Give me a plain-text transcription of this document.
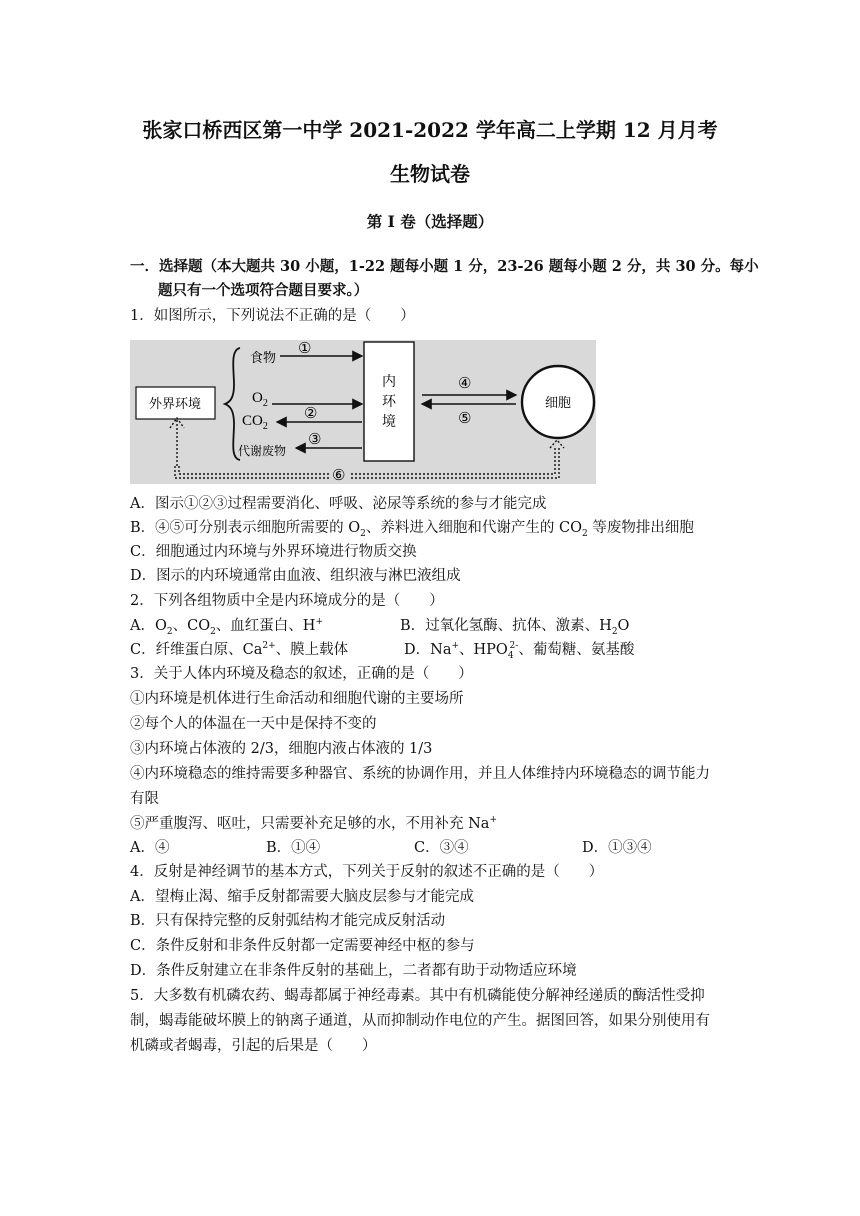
张家口桥西区第一中学 2021-2022 学年高二上学期 12 月月考
生物试卷
第 I 卷（选择题）
一．选择题（本大题共 30 小题，1-22 题每小题 1 分，23-26 题每小题 2 分，共 30 分。每小
题只有一个选项符合题目要求。）
1．如图所示，下列说法不正确的是（　　）
外界环境
食物
①
$O_2$
$CO_2$
②
代谢废物
③
内
环
境
④
⑤
细胞
⑥
A．图示①②③过程需要消化、呼吸、泌尿等系统的参与才能完成
B．④⑤可分别表示细胞所需要的 $O_2$、养料进入细胞和代谢产生的 $CO_2$ 等废物排出细胞
C．细胞通过内环境与外界环境进行物质交换
D．图示的内环境通常由血液、组织液与淋巴液组成
2．下列各组物质中全是内环境成分的是（　　）
A．$O_2$、$CO_2$、血红蛋白、H+	B．过氧化氢酶、抗体、激素、$H_2O$
C．纤维蛋白原、$Ca^{2+}$、膜上载体	D．Na+、$HPO_4^{2-}$、葡萄糖、氨基酸
3．关于人体内环境及稳态的叙述，正确的是（　　）
①内环境是机体进行生命活动和细胞代谢的主要场所
②每个人的体温在一天中是保持不变的
③内环境占体液的 2/3，细胞内液占体液的 1/3
④内环境稳态的维持需要多种器官、系统的协调作用，并且人体维持内环境稳态的调节能力
有限
⑤严重腹泻、呕吐，只需要补充足够的水，不用补充 Na+
A．④	B．①④	C．③④	D．①③④
4．反射是神经调节的基本方式，下列关于反射的叙述不正确的是（　　）
A．望梅止渴、缩手反射都需要大脑皮层参与才能完成
B．只有保持完整的反射弧结构才能完成反射活动
C．条件反射和非条件反射都一定需要神经中枢的参与
D．条件反射建立在非条件反射的基础上，二者都有助于动物适应环境
5．大多数有机磷农药、蝎毒都属于神经毒素。其中有机磷能使分解神经递质的酶活性受抑
制，蝎毒能破坏膜上的钠离子通道，从而抑制动作电位的产生。据图回答，如果分别使用有
机磷或者蝎毒，引起的后果是（　　）
